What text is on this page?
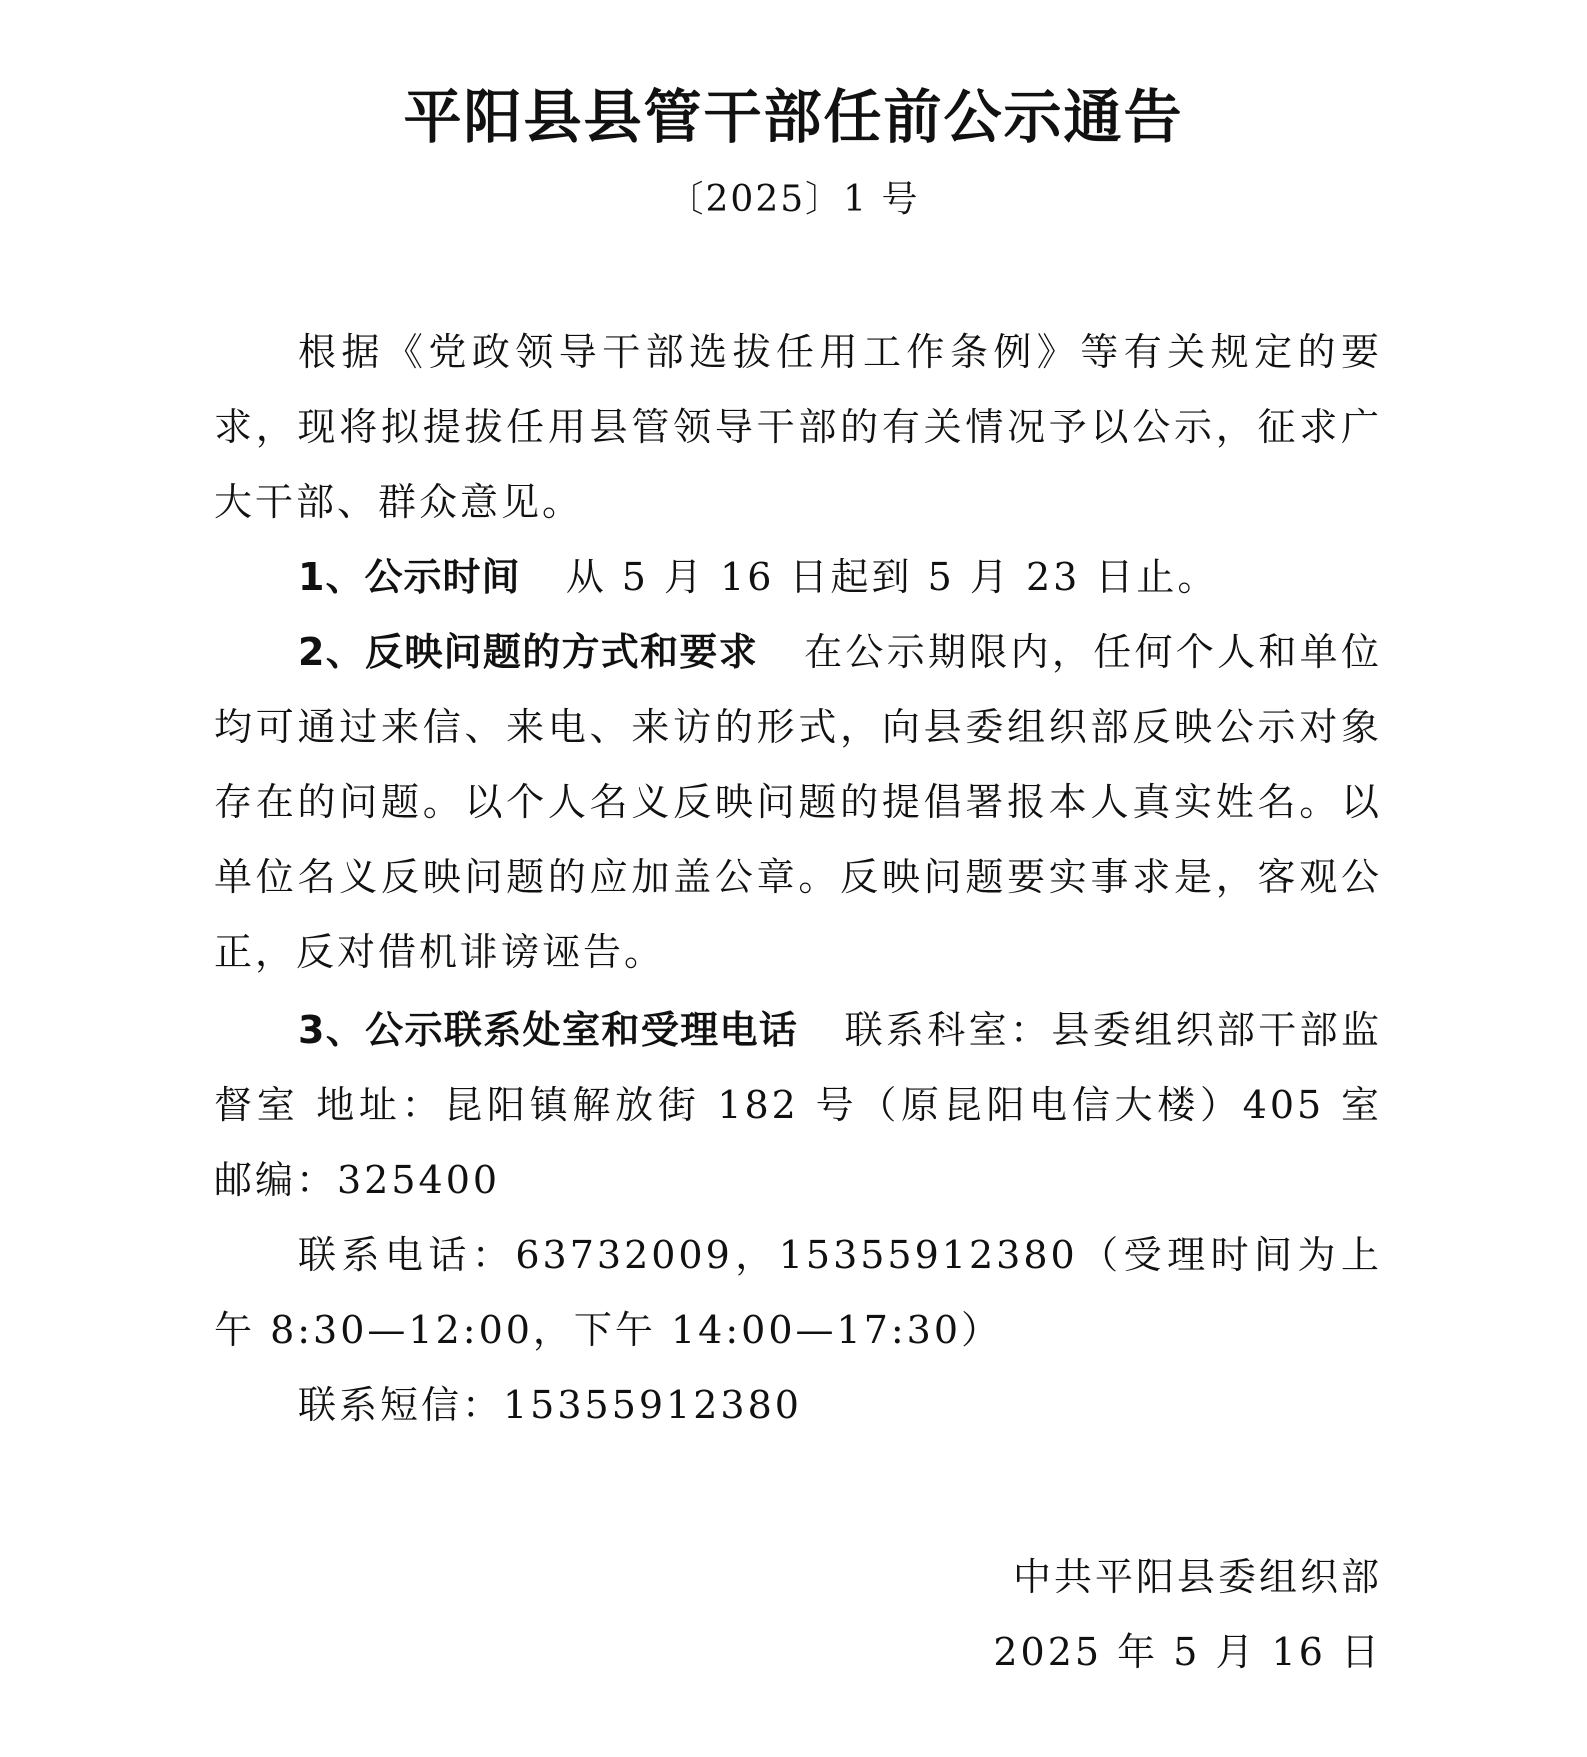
平阳县县管干部任前公示通告
〔2025〕1 号

根据《党政领导干部选拔任用工作条例》等有关规定的要求，现将拟提拔任用县管领导干部的有关情况予以公示，征求广大干部、群众意见。

1、公示时间 从 5 月 16 日起到 5 月 23 日止。

2、反映问题的方式和要求 在公示期限内，任何个人和单位均可通过来信、来电、来访的形式，向县委组织部反映公示对象存在的问题。以个人名义反映问题的提倡署报本人真实姓名。以单位名义反映问题的应加盖公章。反映问题要实事求是，客观公正，反对借机诽谤诬告。

3、公示联系处室和受理电话 联系科室：县委组织部干部监督室 地址：昆阳镇解放街 182 号（原昆阳电信大楼）405 室 邮编：325400

联系电话：63732009，15355912380（受理时间为上午 8:30—12:00，下午 14:00—17:30）

联系短信：15355912380

中共平阳县委组织部
2025 年 5 月 16 日
